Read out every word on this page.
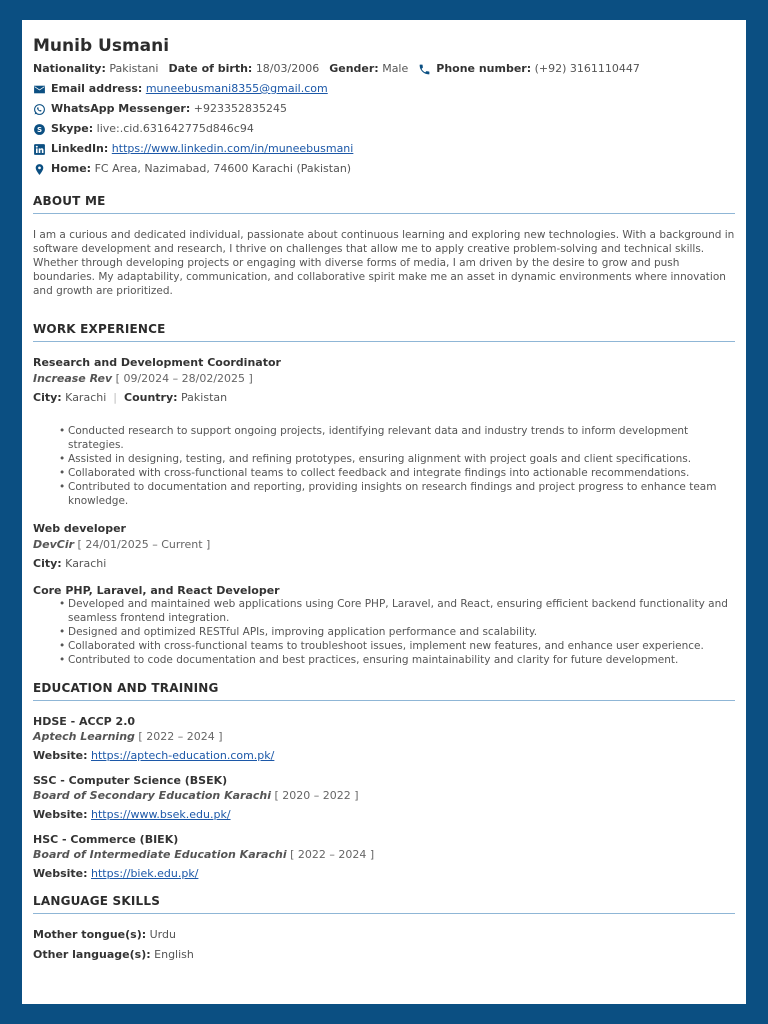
Munib Usmani
Nationality:
Pakistani Date of birth:
18/03/2006 Gender:
Male	Phone number:
(+92) 3161110447
Email address:
muneebusmani8355@gmail.com
WhatsApp Messenger:
+923352835245
S Skype:
live:.cid.631642775d846c94
LinkedIn:
https://www.linkedin.com/in/muneebusmani
Home:
FC Area, Nazimabad, 74600 Karachi (Pakistan)
ABOUT ME
I am a curious and dedicated individual, passionate about continuous learning and exploring new technologies. With a background in software development and research, I thrive on challenges that allow me to apply creative problem-solving and technical skills. Whether through developing projects or engaging with diverse forms of media, I am driven by the desire to grow and push boundaries. My adaptability, communication, and collaborative spirit make me an asset in dynamic environments where innovation and growth are prioritized.
WORK EXPERIENCE
Research and Development Coordinator
Increase Rev [ 09/2024 – 28/02/2025 ]
City: Karachi | Country: Pakistan
• Conducted research to support ongoing projects, identifying relevant data and industry trends to inform development strategies.
• Assisted in designing, testing, and refining prototypes, ensuring alignment with project goals and client specifications.
• Collaborated with cross-functional teams to collect feedback and integrate findings into actionable recommendations.
• Contributed to documentation and reporting, providing insights on research findings and project progress to enhance team knowledge.
Web developer
DevCir [ 24/01/2025 – Current ]
City: Karachi
Core PHP, Laravel, and React Developer
• Developed and maintained web applications using Core PHP, Laravel, and React, ensuring efficient backend functionality and seamless frontend integration.
• Designed and optimized RESTful APIs, improving application performance and scalability.
• Collaborated with cross-functional teams to troubleshoot issues, implement new features, and enhance user experience.
• Contributed to code documentation and best practices, ensuring maintainability and clarity for future development.
EDUCATION AND TRAINING
HDSE - ACCP 2.0
Aptech Learning [ 2022 – 2024 ]
Website: https://aptech-education.com.pk/
SSC - Computer Science (BSEK)
Board of Secondary Education Karachi [ 2020 – 2022 ]
Website: https://www.bsek.edu.pk/
HSC - Commerce (BIEK)
Board of Intermediate Education Karachi [ 2022 – 2024 ]
Website: https://biek.edu.pk/
LANGUAGE SKILLS
Mother tongue(s): Urdu
Other language(s): English
